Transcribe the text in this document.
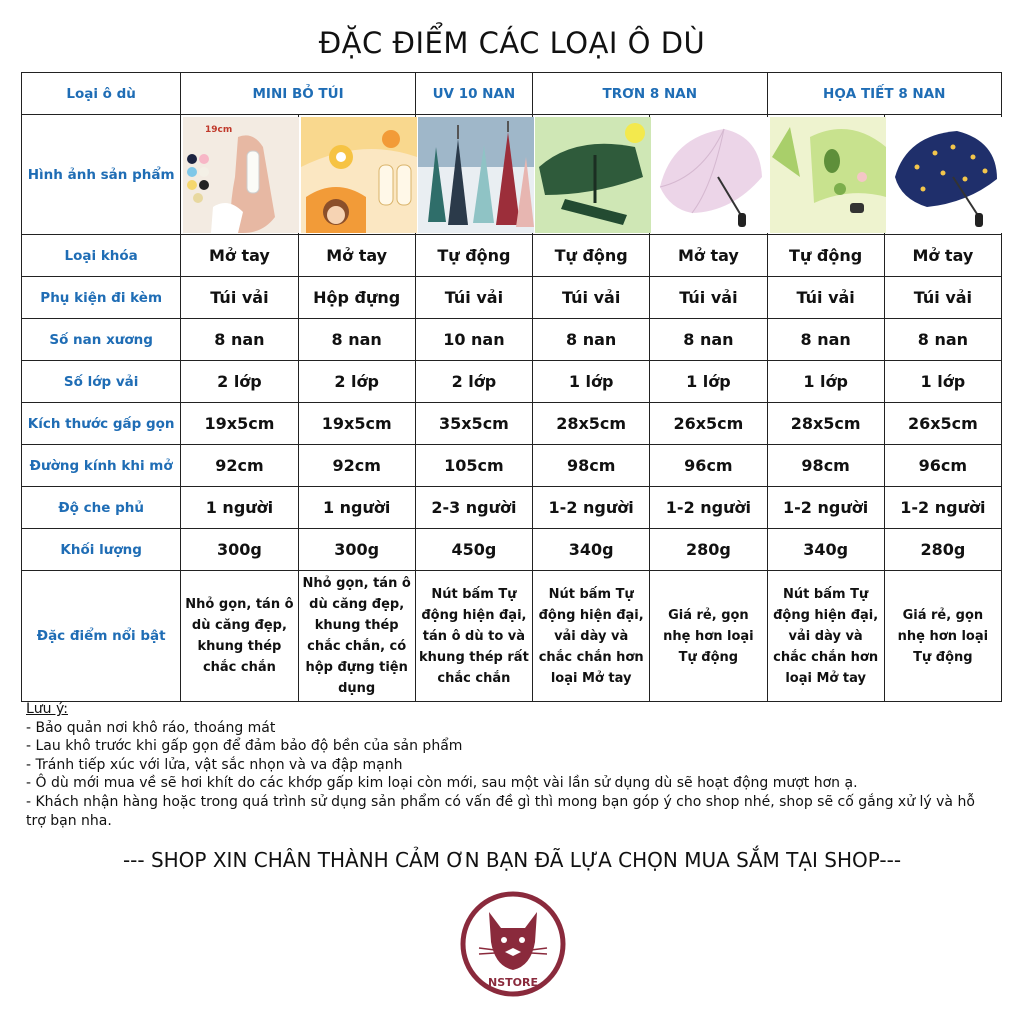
ĐẶC ĐIỂM CÁC LOẠI Ô DÙ
Loại ô dù	MINI BỎ TÚI		UV 10 NAN	TRƠN 8 NAN		HỌA TIẾT 8 NAN	
Hình ảnh sản phẩm	19cm

Loại khóa	Mở tay	Mở tay	Tự động	Tự động	Mở tay	Tự động	Mở tay
Phụ kiện đi kèm	Túi vải	Hộp đựng	Túi vải	Túi vải	Túi vải	Túi vải	Túi vải
Số nan xương	8 nan	8 nan	10 nan	8 nan	8 nan	8 nan	8 nan
Số lớp vải	2 lớp	2 lớp	2 lớp	1 lớp	1 lớp	1 lớp	1 lớp
Kích thước gấp gọn	19x5cm	19x5cm	35x5cm	28x5cm	26x5cm	28x5cm	26x5cm
Đường kính khi mở	92cm	92cm	105cm	98cm	96cm	98cm	96cm
Độ che phủ	1 người	1 người	2-3 người	1-2 người	1-2 người	1-2 người	1-2 người
Khối lượng	300g	300g	450g	340g	280g	340g	280g
Đặc điểm nổi bật	Nhỏ gọn, tán ô dù căng đẹp, khung thép chắc chắn	Nhỏ gọn, tán ô dù căng đẹp, khung thép chắc chắn, có hộp đựng tiện dụng	Nút bấm Tự động hiện đại, tán ô dù to và khung thép rất chắc chắn	Nút bấm Tự động hiện đại, vải dày và chắc chắn hơn loại Mở tay	Giá rẻ, gọn nhẹ hơn loại Tự động	Nút bấm Tự động hiện đại, vải dày và chắc chắn hơn loại Mở tay	Giá rẻ, gọn nhẹ hơn loại Tự động
Lưu ý:
- Bảo quản nơi khô ráo, thoáng mát
- Lau khô trước khi gấp gọn để đảm bảo độ bền của sản phẩm
- Tránh tiếp xúc với lửa, vật sắc nhọn và va đập mạnh
- Ô dù mới mua về sẽ hơi khít do các khớp gấp kim loại còn mới, sau một vài lần sử dụng dù sẽ hoạt động mượt hơn ạ.
- Khách nhận hàng hoặc trong quá trình sử dụng sản phẩm có vấn đề gì thì mong bạn góp ý cho shop nhé, shop sẽ cố gắng xử lý và hỗ trợ bạn nha.
--- SHOP XIN CHÂN THÀNH CẢM ƠN BẠN ĐÃ LỰA CHỌN MUA SẮM TẠI SHOP---
NSTORE
